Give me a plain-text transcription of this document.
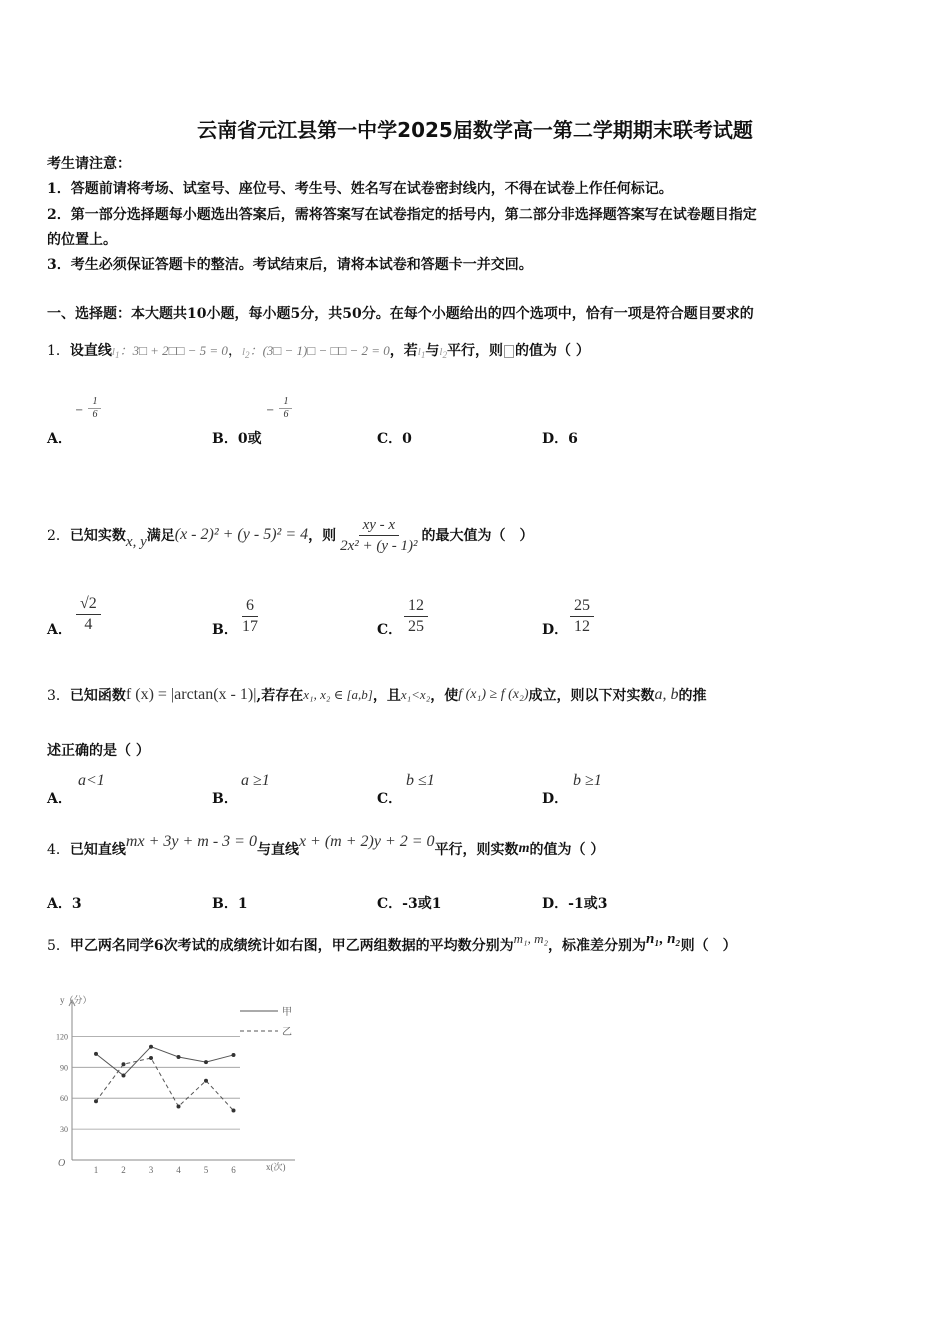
云南省元江县第一中学2025届数学高一第二学期期末联考试题
考生请注意：
1．答题前请将考场、试室号、座位号、考生号、姓名写在试卷密封线内，不得在试卷上作任何标记。
2．第一部分选择题每小题选出答案后，需将答案写在试卷指定的括号内，第二部分非选择题答案写在试卷题目指定
的位置上。
3．考生必须保证答题卡的整洁。考试结束后，请将本试卷和答题卡一并交回。
一、选择题：本大题共10小题，每小题5分，共50分。在每个小题给出的四个选项中，恰有一项是符合题目要求的
1．设直线$l_1$：3□ + 2□□ − 5 = 0，$l_2$：(3□ − 1)□ − □□ − 2 = 0，若$l_1$与$l_2$平行，则 的值为（ ）
− $\frac{1}{6}$
A．
− $\frac{1}{6}$
B．0或	C．0	D．6
2． 已知实数 x, y 满足 (x - 2)² + (y - 5)² = 4 ，则 $\frac{xy - x}{\text{2x² + (y - 1)²}}$ 的最大值为（　）
A． $\frac{√2}{4}$	B． $\frac{6}{17}$	C． $\frac{12}{25}$	D． $\frac{25}{12}$
3． 已知函数 f (x) = |arctan(x - 1)| ,若存在 x₁, x₂ ∈ [a,b] ，且 x₁<x₂ ，使 f (x₁) ≥ f (x₂) 成立，则以下对实数 a, b 的推
述正确的是（ ）
A．
a<1
B．
a ≥1
C．
b ≤1
D．
b ≥1
4． 已知直线 mx + 3y + m - 3 = 0 与直线 x + (m + 2)y + 2 = 0 平行，则实数 m 的值为（ ）
A．3	B．1	C．-3或1	D．-1或3
5． 甲乙两名同学6次考试的成绩统计如右图，甲乙两组数据的平均数分别为 m₁, m₂ ，标准差分别为 n₁, n₂ 则（　）
y（分）
x(次)
O
30
60
90
120
1	2	3	4	5	6
甲
乙
